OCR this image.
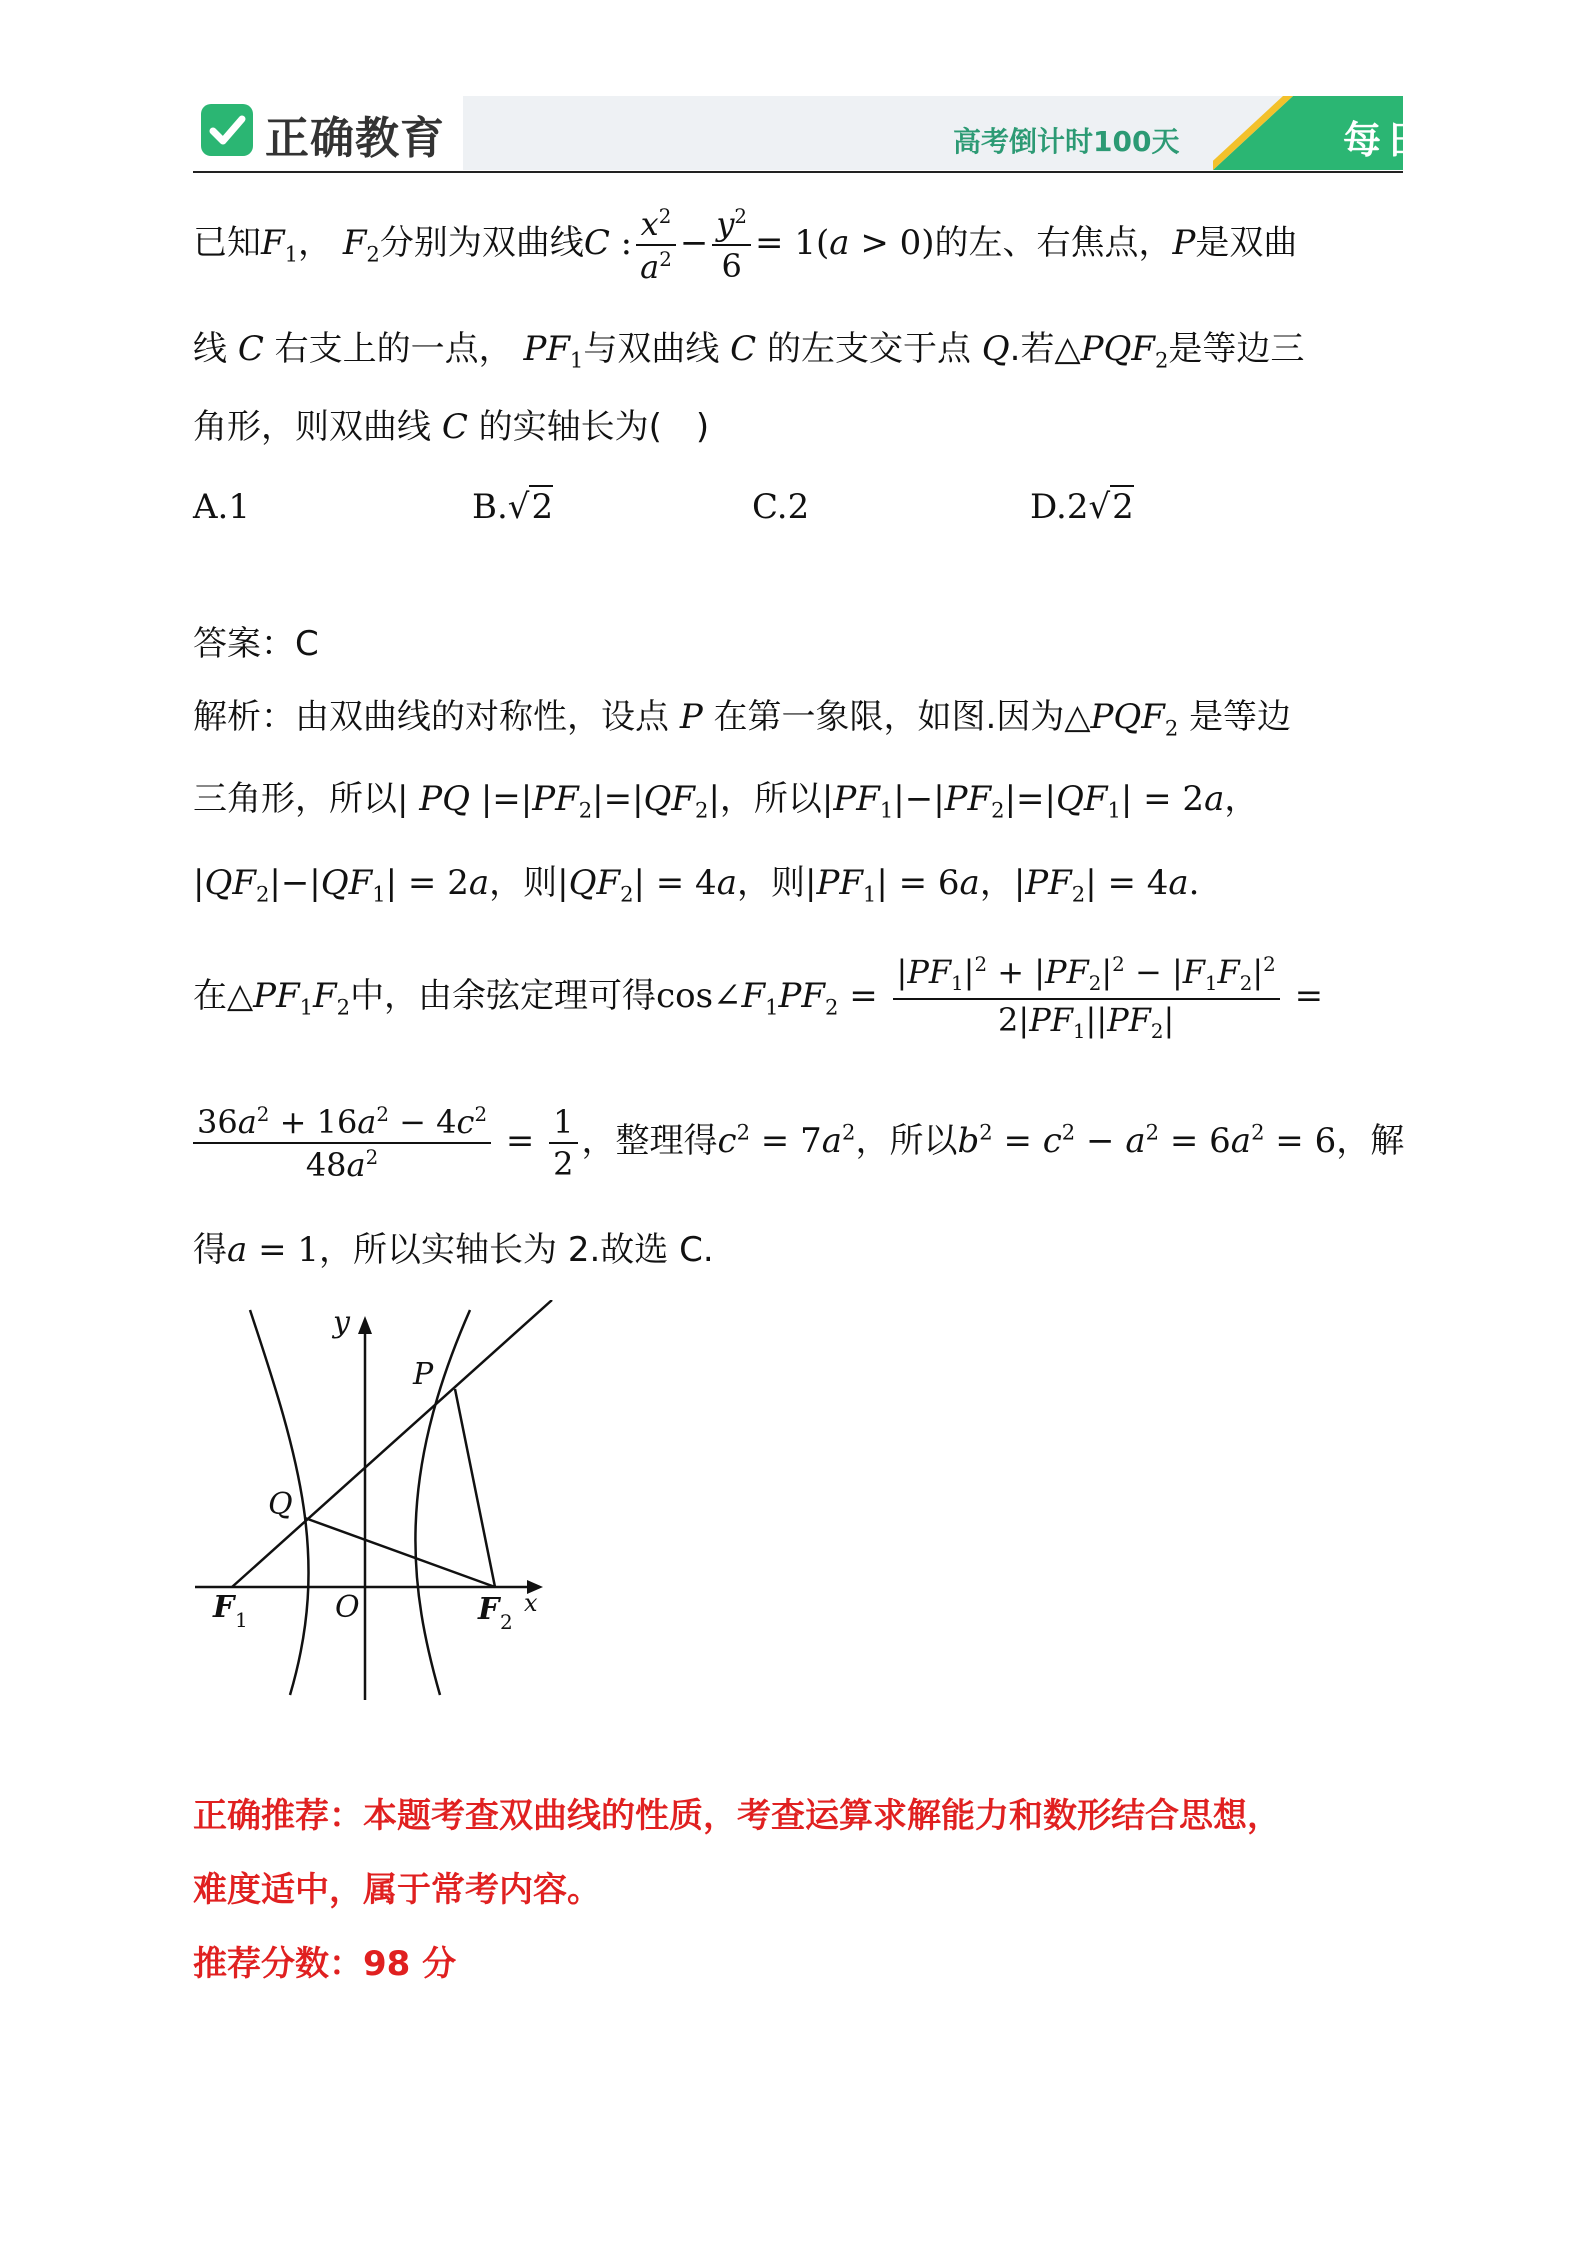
正确教育	高考倒计时100天	每日一题
已知$F_1$， $F_2$分别为双曲线C : $\frac{x^2}{a^2} - \frac{y^2}{6} = 1(a > 0)$的左、右焦点，P是双曲
线 C 右支上的一点， $PF_1$与双曲线 C 的左支交于点 Q.若$\triangle PQF_2$是等边三
角形，则双曲线 C 的实轴长为(　)
A.1	B.√2	C.2	D.2√2
答案：C
解析：由双曲线的对称性，设点 P 在第一象限，如图.因为$\triangle PQF_2$ 是等边
三角形，所以| PQ $|=|PF_2|=|QF_2|$，所以$|PF_1|-|PF_2|=|QF_1| = 2a$，
$|QF_2|-|QF_1| = 2a$，则$|QF_2| = 4a$，则$|PF_1| = 6a$，$|PF_2| = 4a$.
在$\triangle PF_1F_2$中，由余弦定理可得$\cos\angle F_1PF_2 = \frac{|PF_1|^2 + |PF_2|^2 - |F_1F_2|^2}{2|PF_1||PF_2|}$ =
$\frac{36a^2 + 16a^2 - 4c^2}{48a^2} = \frac{1}{2}$ ，整理得$c^2 = 7a^2$，所以$b^2 = c^2 - a^2 = 6a^2 = 6$，解
得a = 1，所以实轴长为 2.故选 C.
y
P
Q
F 1	O	F 2
x
正确推荐：本题考查双曲线的性质，考查运算求解能力和数形结合思想，
难度适中，属于常考内容。
推荐分数：98 分
